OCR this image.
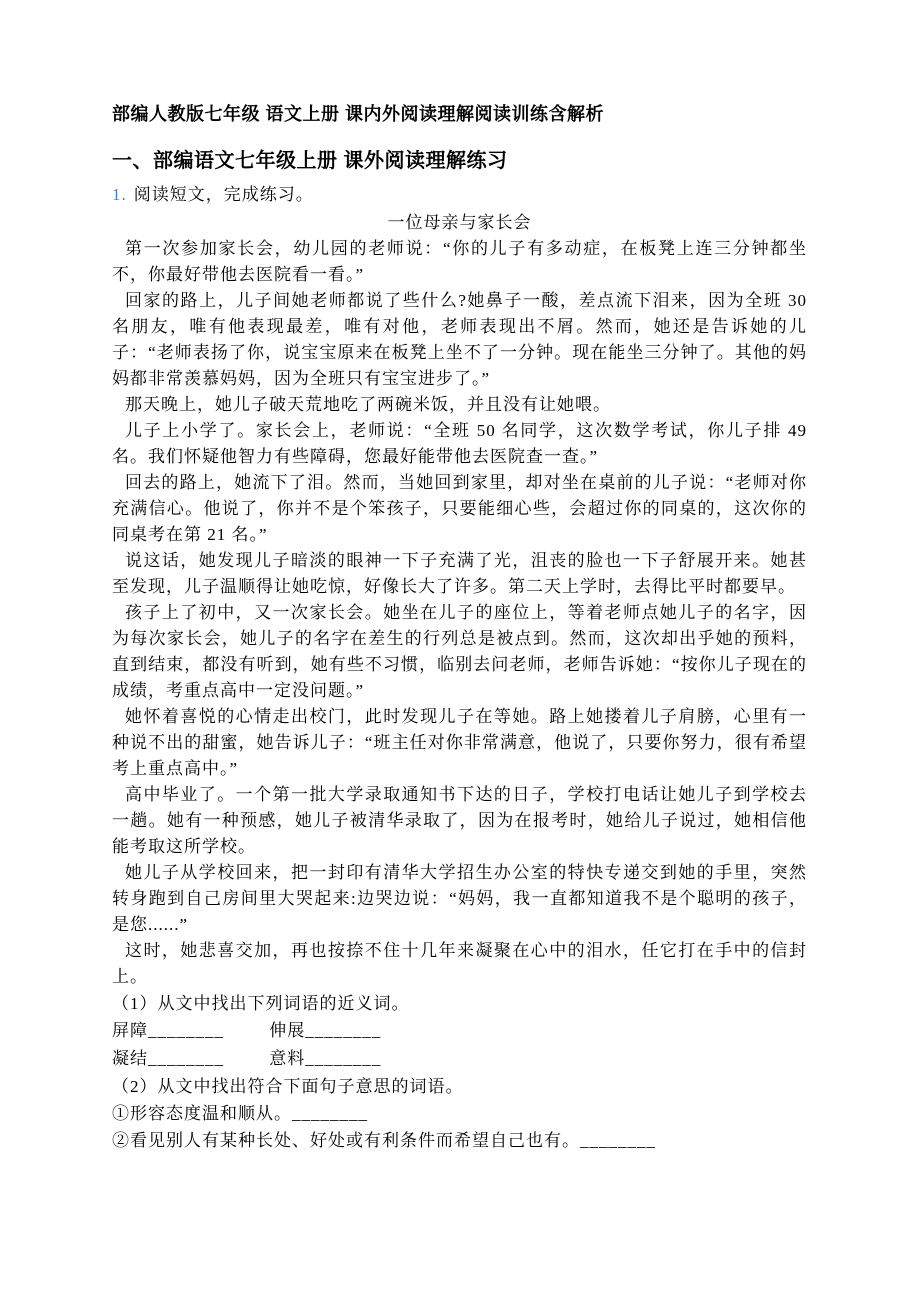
部编人教版七年级 语文上册 课内外阅读理解阅读训练含解析
一、部编语文七年级上册 课外阅读理解练习
1. 阅读短文，完成练习。
一位母亲与家长会

第一次参加家长会，幼儿园的老师说：“你的儿子有多动症，在板凳上连三分钟都坐不，你最好带他去医院看一看。”

回家的路上，儿子间她老师都说了些什么?她鼻子一酸，差点流下泪来，因为全班 30 名朋友，唯有他表现最差，唯有对他，老师表现出不屑。然而，她还是告诉她的儿子：“老师表扬了你，说宝宝原来在板凳上坐不了一分钟。现在能坐三分钟了。其他的妈妈都非常羡慕妈妈，因为全班只有宝宝进步了。”

那天晚上，她儿子破天荒地吃了两碗米饭，并且没有让她喂。

儿子上小学了。家长会上，老师说：“全班 50 名同学，这次数学考试，你儿子排 49 名。我们怀疑他智力有些障碍，您最好能带他去医院查一查。”

回去的路上，她流下了泪。然而，当她回到家里，却对坐在桌前的儿子说：“老师对你充满信心。他说了，你并不是个笨孩子，只要能细心些，会超过你的同桌的，这次你的同桌考在第 21 名。”

说这话，她发现儿子暗淡的眼神一下子充满了光，沮丧的脸也一下子舒展开来。她甚至发现，儿子温顺得让她吃惊，好像长大了许多。第二天上学时，去得比平时都要早。

孩子上了初中，又一次家长会。她坐在儿子的座位上，等着老师点她儿子的名字，因为每次家长会，她儿子的名字在差生的行列总是被点到。然而，这次却出乎她的预料，直到结束，都没有听到，她有些不习惯，临别去问老师，老师告诉她：“按你儿子现在的成绩，考重点高中一定没问题。”

她怀着喜悦的心情走出校门，此时发现儿子在等她。路上她搂着儿子肩膀，心里有一种说不出的甜蜜，她告诉儿子：“班主任对你非常满意，他说了，只要你努力，很有希望考上重点高中。”

高中毕业了。一个第一批大学录取通知书下达的日子，学校打电话让她儿子到学校去一趟。她有一种预感，她儿子被清华录取了，因为在报考时，她给儿子说过，她相信他能考取这所学校。

她儿子从学校回来，把一封印有清华大学招生办公室的特快专递交到她的手里，突然转身跑到自己房间里大哭起来:边哭边说：“妈妈，我一直都知道我不是个聪明的孩子，是您......”

这时，她悲喜交加，再也按捺不住十几年来凝聚在心中的泪水，任它打在手中的信封上。

（1）从文中找出下列词语的近义词。

屏障________	伸展________

凝结________	意料________

（2）从文中找出符合下面句子意思的词语。

①形容态度温和顺从。________

②看见别人有某种长处、好处或有利条件而希望自己也有。________
